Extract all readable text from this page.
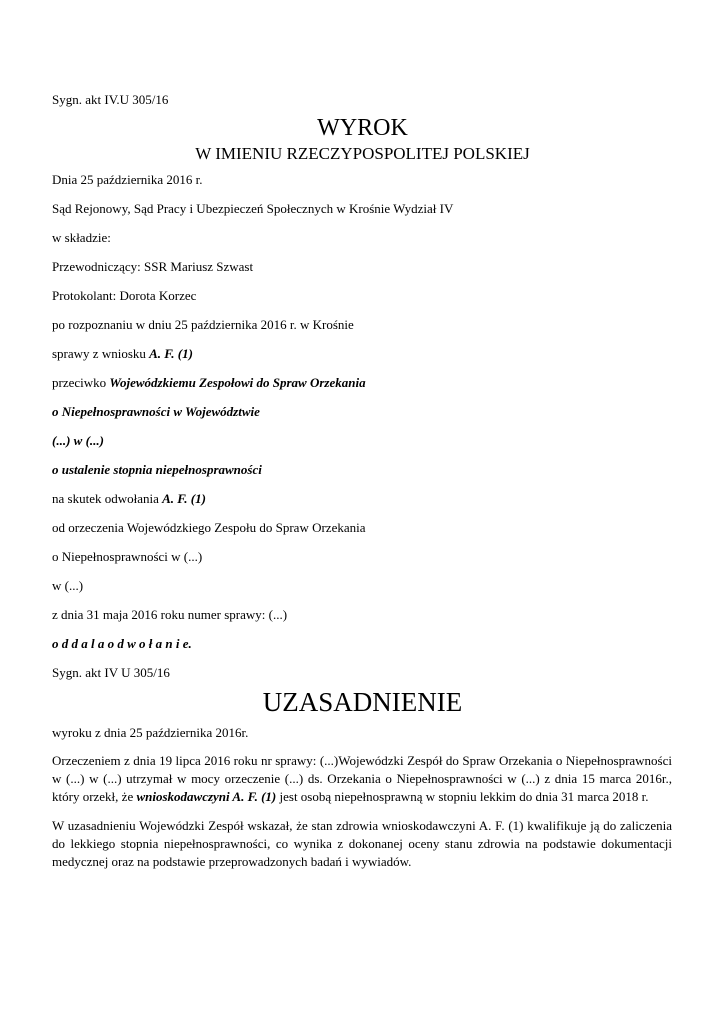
Sygn. akt IV.U 305/16
WYROK
W IMIENIU RZECZYPOSPOLITEJ POLSKIEJ
Dnia 25 października 2016 r.
Sąd Rejonowy, Sąd Pracy i Ubezpieczeń Społecznych w Krośnie Wydział IV
w składzie:
Przewodniczący: SSR Mariusz Szwast
Protokolant: Dorota Korzec
po rozpoznaniu w dniu 25 października 2016 r. w Krośnie
sprawy z wniosku A. F. (1)
przeciwko Wojewódzkiemu Zespołowi do Spraw Orzekania
o Niepełnosprawności w Województwie
(...) w (...)
o ustalenie stopnia niepełnosprawności
na skutek odwołania A. F. (1)
od orzeczenia Wojewódzkiego Zespołu do Spraw Orzekania
o Niepełnosprawności w (...)
w (...)
z dnia 31 maja 2016 roku numer sprawy: (...)
o d d a l a o d w o ł a n i e.
Sygn. akt IV U 305/16
UZASADNIENIE
wyroku z dnia 25 października 2016r.
Orzeczeniem z dnia 19 lipca 2016 roku nr sprawy: (...)Wojewódzki Zespół do Spraw Orzekania o Niepełnosprawności w (...) w (...) utrzymał w mocy orzeczenie (...) ds. Orzekania o Niepełnosprawności w (...) z dnia 15 marca 2016r., który orzekł, że wnioskodawczyni A. F. (1) jest osobą niepełnosprawną w stopniu lekkim do dnia 31 marca 2018 r.
W uzasadnieniu Wojewódzki Zespół wskazał, że stan zdrowia wnioskodawczyni A. F. (1) kwalifikuje ją do zaliczenia do lekkiego stopnia niepełnosprawności, co wynika z dokonanej oceny stanu zdrowia na podstawie dokumentacji medycznej oraz na podstawie przeprowadzonych badań i wywiadów.
